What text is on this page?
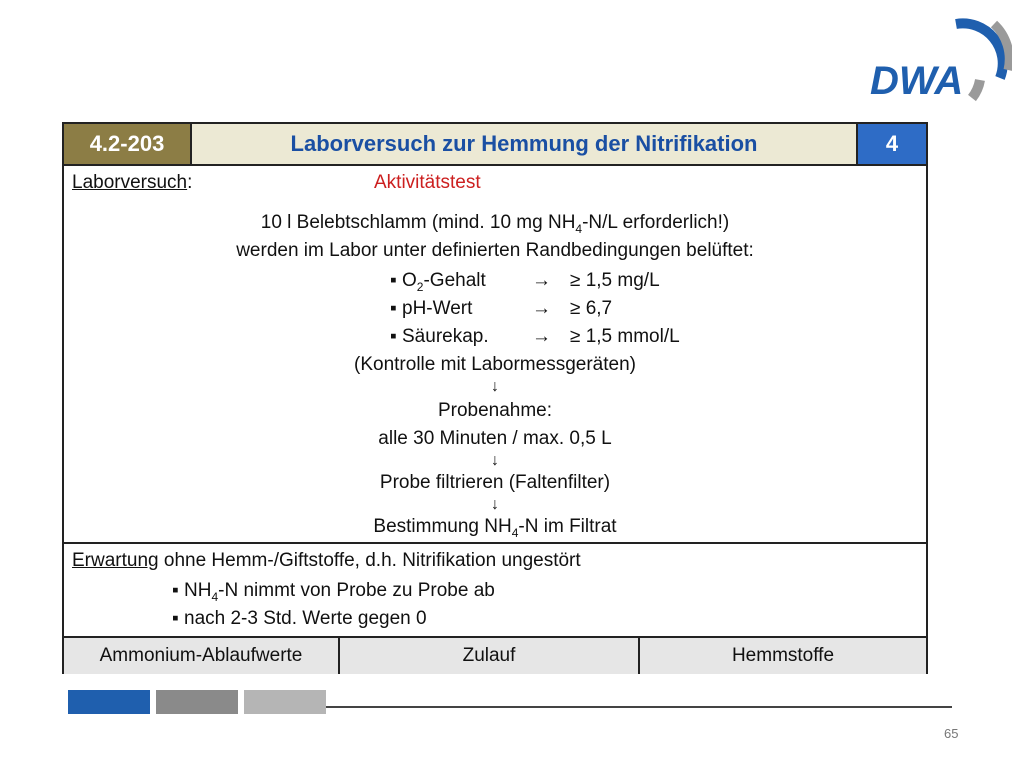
DWA
4.2-203	Laborversuch zur Hemmung der Nitrifikation	4
Laborversuch:	Aktivitätstest
10 l Belebtschlamm (mind. 10 mg $NH_4-N/L$ erforderlich!)
werden im Labor unter definierten Randbedingungen belüftet:
▪ $O_2$-Gehalt → ≥ 1,5 mg/L
▪ pH-Wert	→ ≥ 6,7
▪ Säurekap. → ≥ 1,5 mmol/L
(Kontrolle mit Labormessgeräten)
↓
Probenahme:
alle 30 Minuten / max. 0,5 L
↓
Probe filtrieren (Faltenfilter)
↓
Bestimmung $NH_4-N$ im Filtrat
Erwartung ohne Hemm-/Giftstoffe, d.h. Nitrifikation ungestört
▪ $NH_4-N$ nimmt von Probe zu Probe ab
▪ nach 2-3 Std. Werte gegen 0
Ammonium-Ablaufwerte	Zulauf	Hemmstoffe
65
